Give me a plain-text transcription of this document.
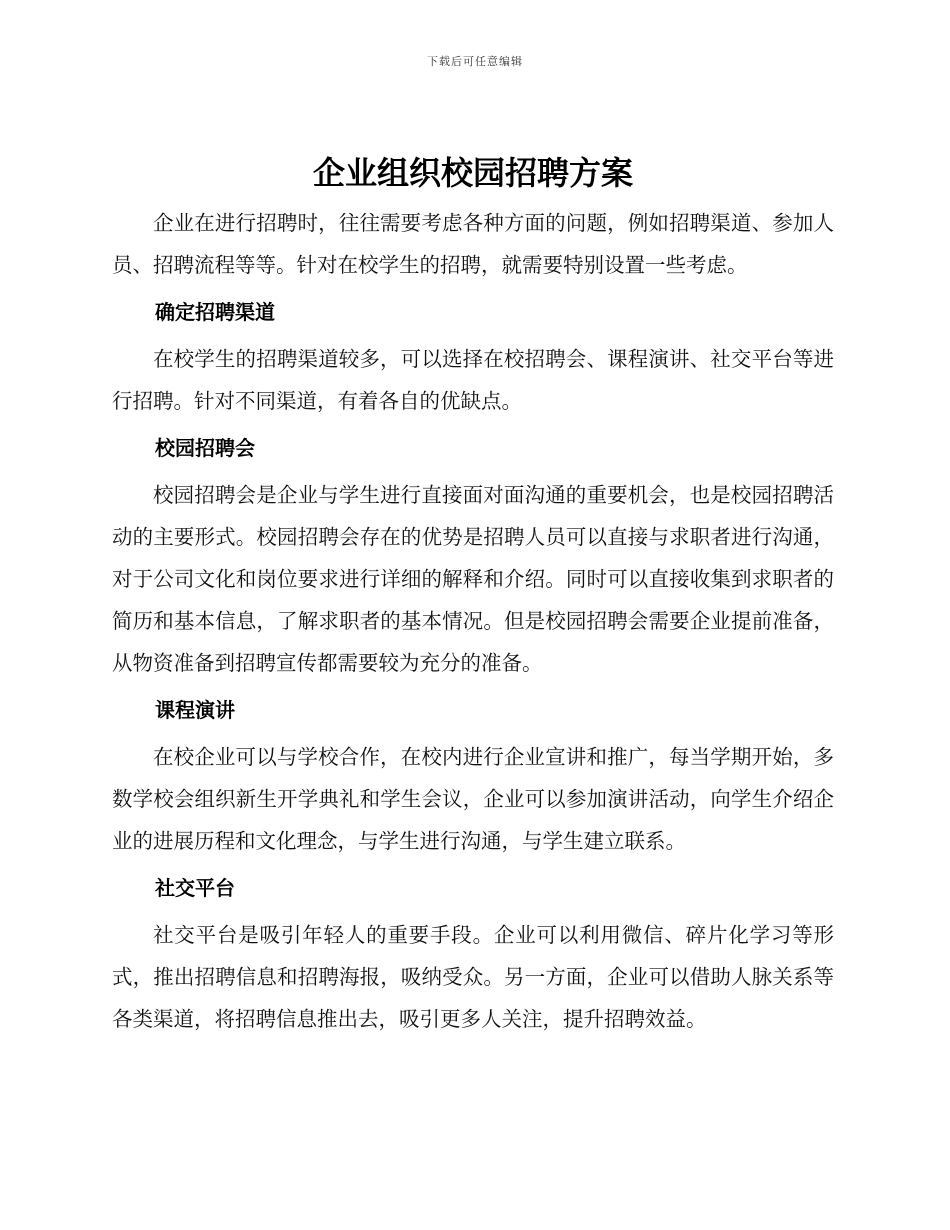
下载后可任意编辑
企业组织校园招聘方案

企业在进行招聘时，往往需要考虑各种方面的问题，例如招聘渠道、参加人员、招聘流程等等。针对在校学生的招聘，就需要特别设置一些考虑。

确定招聘渠道

在校学生的招聘渠道较多，可以选择在校招聘会、课程演讲、社交平台等进行招聘。针对不同渠道，有着各自的优缺点。

校园招聘会

校园招聘会是企业与学生进行直接面对面沟通的重要机会，也是校园招聘活动的主要形式。校园招聘会存在的优势是招聘人员可以直接与求职者进行沟通，对于公司文化和岗位要求进行详细的解释和介绍。同时可以直接收集到求职者的简历和基本信息，了解求职者的基本情况。但是校园招聘会需要企业提前准备，从物资准备到招聘宣传都需要较为充分的准备。

课程演讲

在校企业可以与学校合作，在校内进行企业宣讲和推广，每当学期开始，多数学校会组织新生开学典礼和学生会议，企业可以参加演讲活动，向学生介绍企业的进展历程和文化理念，与学生进行沟通，与学生建立联系。

社交平台

社交平台是吸引年轻人的重要手段。企业可以利用微信、碎片化学习等形式，推出招聘信息和招聘海报，吸纳受众。另一方面，企业可以借助人脉关系等各类渠道，将招聘信息推出去，吸引更多人关注，提升招聘效益。
